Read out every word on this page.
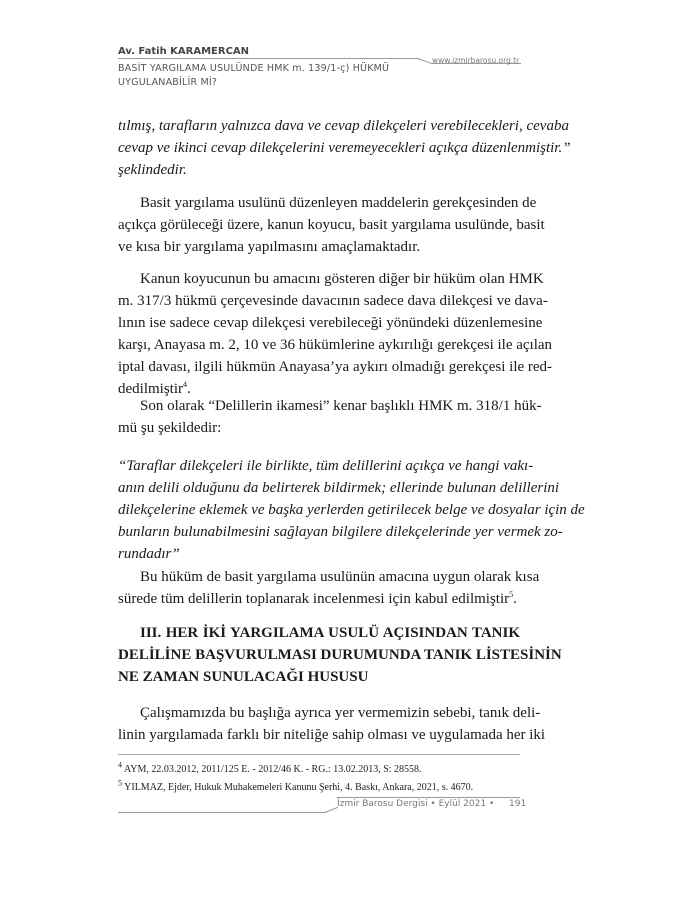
Av. Fatih KARAMERCAN
www.izmirbarosu.org.tr
BASİT YARGILAMA USULÜNDE HMK m. 139/1-ç) HÜKMÜ
UYGULANABİLİR Mİ?
tılmış, tarafların yalnızca dava ve cevap dilekçeleri verebilecekleri, cevaba
cevap ve ikinci cevap dilekçelerini veremeyecekleri açıkça düzenlenmiştir.”
şeklindedir.
Basit yargılama usulünü düzenleyen maddelerin gerekçesinden de
açıkça görüleceği üzere, kanun koyucu, basit yargılama usulünde, basit
ve kısa bir yargılama yapılmasını amaçlamaktadır.
Kanun koyucunun bu amacını gösteren diğer bir hüküm olan HMK
m. 317/3 hükmü çerçevesinde davacının sadece dava dilekçesi ve dava-
lının ise sadece cevap dilekçesi verebileceği yönündeki düzenlemesine
karşı, Anayasa m. 2, 10 ve 36 hükümlerine aykırılığı gerekçesi ile açılan
iptal davası, ilgili hükmün Anayasa’ya aykırı olmadığı gerekçesi ile red-
dedilmiştir$^4$.
Son olarak “Delillerin ikamesi” kenar başlıklı HMK m. 318/1 hük-
mü şu şekildedir:
“Taraflar dilekçeleri ile birlikte, tüm delillerini açıkça ve hangi vakı-
anın delili olduğunu da belirterek bildirmek; ellerinde bulunan delillerini
dilekçelerine eklemek ve başka yerlerden getirilecek belge ve dosyalar için de
bunların bulunabilmesini sağlayan bilgilere dilekçelerinde yer vermek zo-
rundadır”
Bu hüküm de basit yargılama usulünün amacına uygun olarak kısa
sürede tüm delillerin toplanarak incelenmesi için kabul edilmiştir$^5$.
III. HER İKİ YARGILAMA USULÜ AÇISINDAN TANIK
DELİLİNE BAŞVURULMASI DURUMUNDA TANIK LİSTESİNİN
NE ZAMAN SUNULACAĞI HUSUSU
Çalışmamızda bu başlığa ayrıca yer vermemizin sebebi, tanık deli-
linin yargılamada farklı bir niteliğe sahip olması ve uygulamada her iki
$^4$ AYM, 22.03.2012, 2011/125 E. - 2012/46 K. - RG.: 13.02.2013, S: 28558.
$^5$ YILMAZ, Ejder, Hukuk Muhakemeleri Kanunu Şerhi, 4. Baskı, Ankara, 2021, s. 4670.
İzmir Barosu Dergisi • Eylül 2021 • 191
